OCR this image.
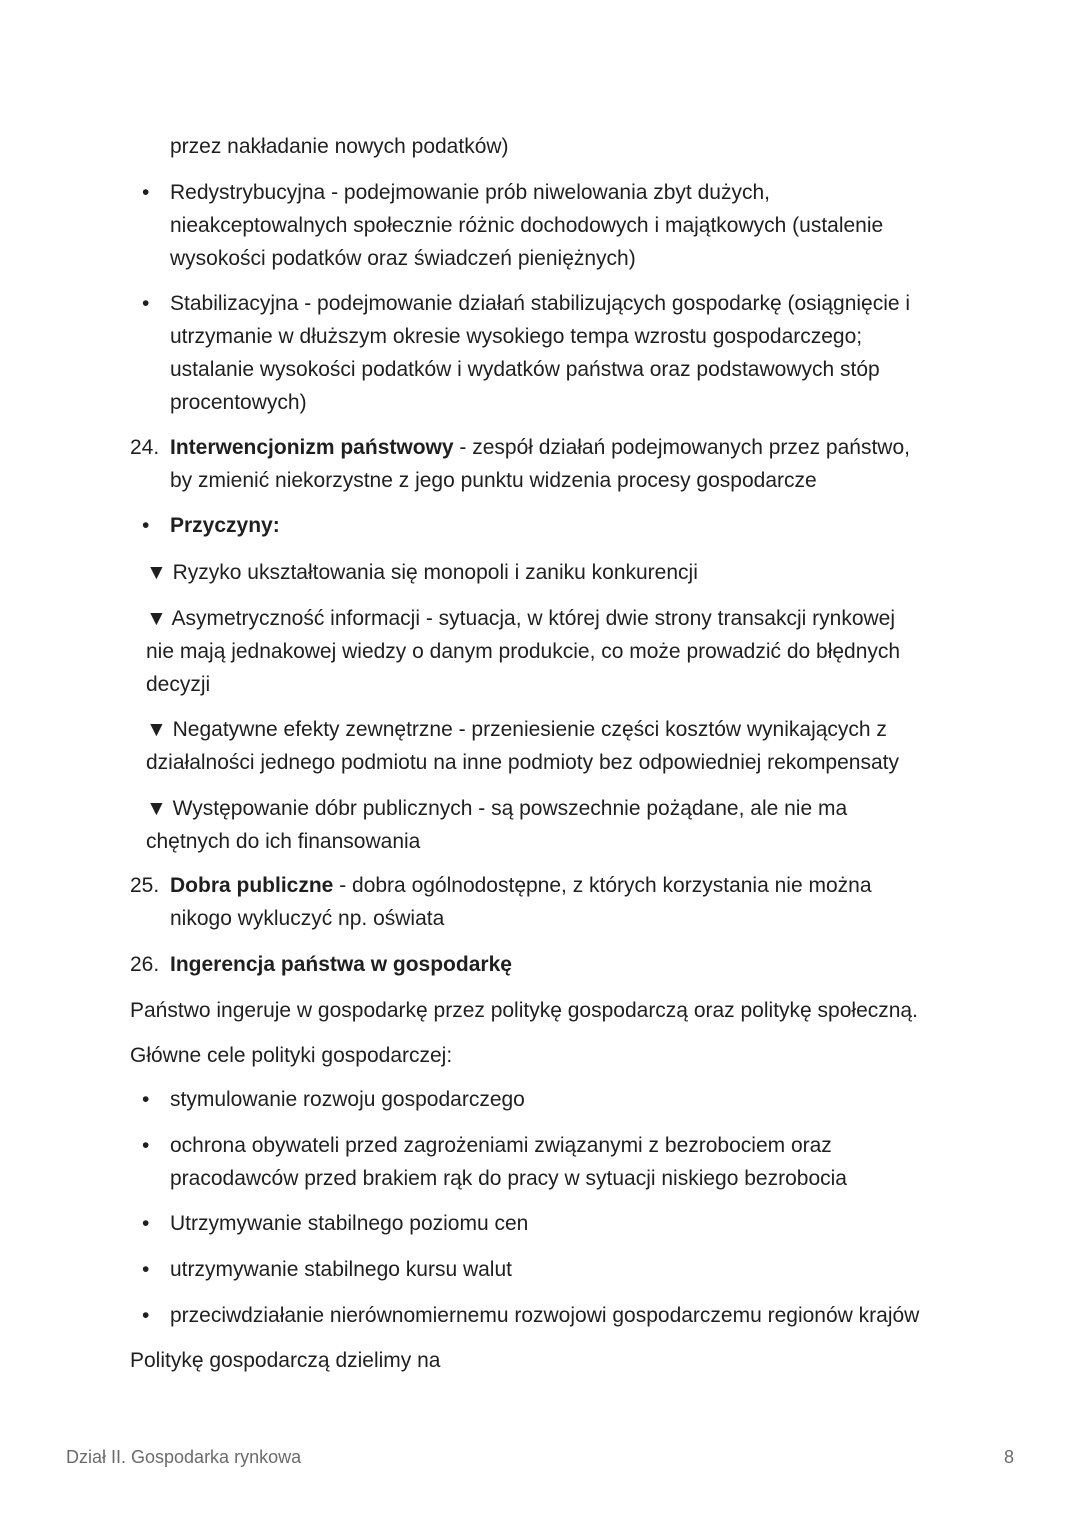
przez nakładanie nowych podatków)

• Redystrybucyjna - podejmowanie prób niwelowania zbyt dużych,

nieakceptowalnych społecznie różnic dochodowych i majątkowych (ustalenie

wysokości podatków oraz świadczeń pieniężnych)

• Stabilizacyjna - podejmowanie działań stabilizujących gospodarkę (osiągnięcie i

utrzymanie w dłuższym okresie wysokiego tempa wzrostu gospodarczego;

ustalanie wysokości podatków i wydatków państwa oraz podstawowych stóp

procentowych)

24. Interwencjonizm państwowy - zespół działań podejmowanych przez państwo,

by zmienić niekorzystne z jego punktu widzenia procesy gospodarcze

• Przyczyny:

▼ Ryzyko ukształtowania się monopoli i zaniku konkurencji

▼ Asymetryczność informacji - sytuacja, w której dwie strony transakcji rynkowej

nie mają jednakowej wiedzy o danym produkcie, co może prowadzić do błędnych

decyzji

▼ Negatywne efekty zewnętrzne - przeniesienie części kosztów wynikających z

działalności jednego podmiotu na inne podmioty bez odpowiedniej rekompensaty

▼ Występowanie dóbr publicznych - są powszechnie pożądane, ale nie ma

chętnych do ich finansowania

25. Dobra publiczne - dobra ogólnodostępne, z których korzystania nie można

nikogo wykluczyć np. oświata

26. Ingerencja państwa w gospodarkę

Państwo ingeruje w gospodarkę przez politykę gospodarczą oraz politykę społeczną.

Główne cele polityki gospodarczej:

• stymulowanie rozwoju gospodarczego

• ochrona obywateli przed zagrożeniami związanymi z bezrobociem oraz

pracodawców przed brakiem rąk do pracy w sytuacji niskiego bezrobocia

• Utrzymywanie stabilnego poziomu cen

• utrzymywanie stabilnego kursu walut

• przeciwdziałanie nierównomiernemu rozwojowi gospodarczemu regionów krajów

Politykę gospodarczą dzielimy na

Dział II. Gospodarka rynkowa	8
